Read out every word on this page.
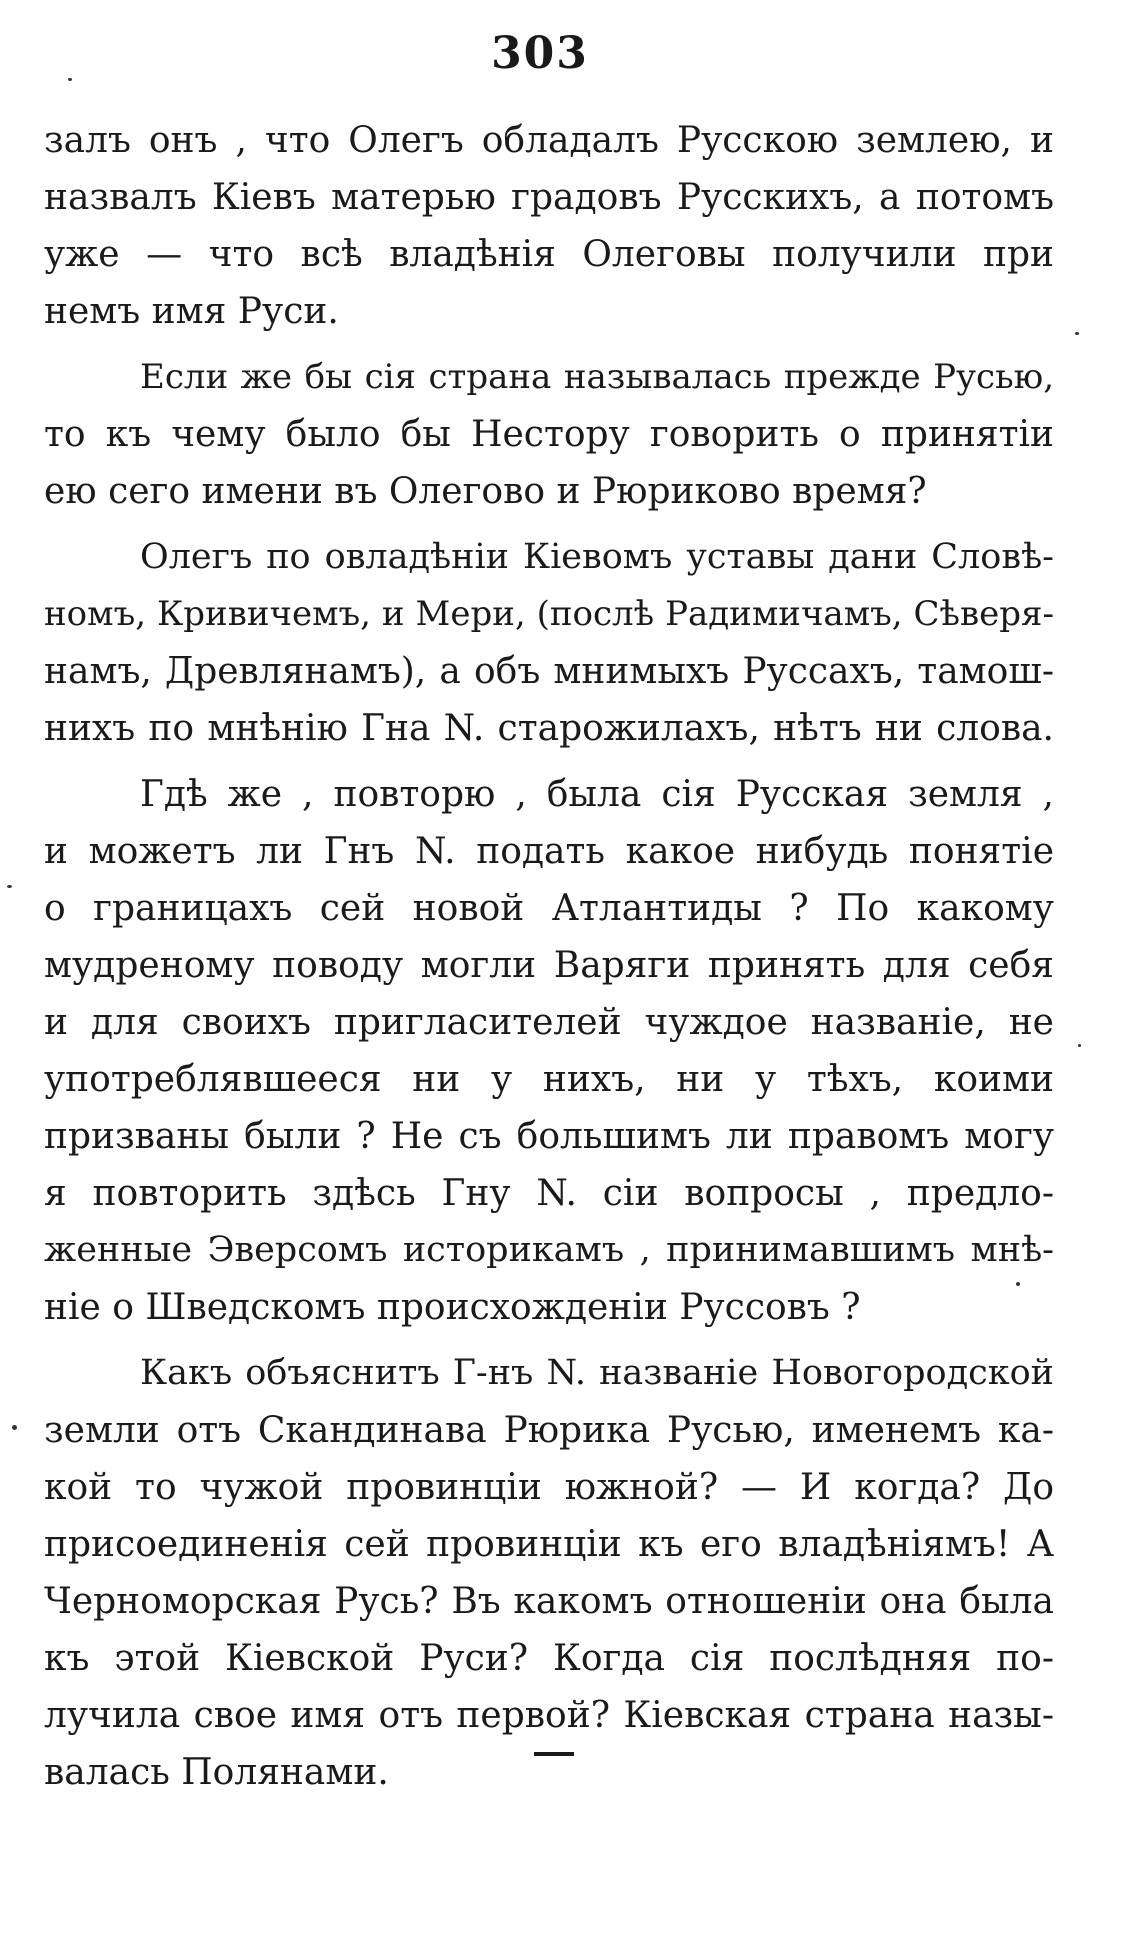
303
залъ онъ , что Олегъ обладалъ Русскою землею, и
назвалъ Кіевъ матерью градовъ Русскихъ, а потомъ
уже — что всѣ владѣнія Олеговы получили при
немъ имя Руси.
Если же бы сія страна называлась прежде Русью,
то къ чему было бы Нестору говорить о принятіи
ею сего имени въ Олегово и Рюриково время?
Олегъ по овладѣніи Кіевомъ уставы дани Словѣ-
номъ, Кривичемъ, и Мери, (послѣ Радимичамъ, Сѣверя-
намъ, Древлянамъ), а объ мнимыхъ Руссахъ, тамош-
нихъ по мнѣнію Гна N. старожилахъ, нѣтъ ни слова.
Гдѣ же , повторю , была сія Русская земля ,
и можетъ ли Гнъ N. подать какое нибудь понятіе
о границахъ сей новой Атлантиды ? По какому
мудреному поводу могли Варяги принять для себя
и для своихъ пригласителей чуждое названіе, не
употреблявшееся ни у нихъ, ни у тѣхъ, коими
призваны были ? Не съ большимъ ли правомъ могу
я повторить здѣсь Гну N. сіи вопросы , предло-
женные Эверсомъ историкамъ , принимавшимъ мнѣ-
ніе о Шведскомъ происхожденіи Руссовъ ?
Какъ объяснитъ Г-нъ N. названіе Новогородской
земли отъ Скандинава Рюрика Русью, именемъ ка-
кой то чужой провинціи южной? — И когда? До
присоединенія сей провинціи къ его владѣніямъ! А
Черноморская Русь? Въ какомъ отношеніи она была
къ этой Кіевской Руси? Когда сія послѣдняя по-
лучила свое имя отъ первой? Кіевская страна назы-
валась Полянами.
